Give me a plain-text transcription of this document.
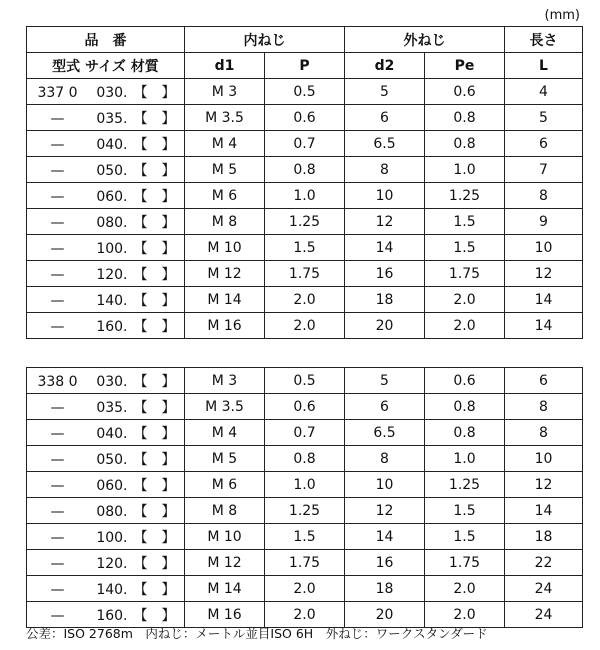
(mm)
品　番	内ねじ		外ねじ		長さ
型式 サイズ 材質	d1	P	d2	Pe	L
337 0 030. 【　】	M 3	0.5	5	0.6	4
— 035. 【　】	M 3.5	0.6	6	0.8	5
— 040. 【　】	M 4	0.7	6.5	0.8	6
— 050. 【　】	M 5	0.8	8	1.0	7
— 060. 【　】	M 6	1.0	10	1.25	8
— 080. 【　】	M 8	1.25	12	1.5	9
— 100. 【　】	M 10	1.5	14	1.5	10
— 120. 【　】	M 12	1.75	16	1.75	12
— 140. 【　】	M 14	2.0	18	2.0	14
— 160. 【　】	M 16	2.0	20	2.0	14
338 0 030. 【　】	M 3	0.5	5	0.6	6
— 035. 【　】	M 3.5	0.6	6	0.8	8
— 040. 【　】	M 4	0.7	6.5	0.8	8
— 050. 【　】	M 5	0.8	8	1.0	10
— 060. 【　】	M 6	1.0	10	1.25	12
— 080. 【　】	M 8	1.25	12	1.5	14
— 100. 【　】	M 10	1.5	14	1.5	18
— 120. 【　】	M 12	1.75	16	1.75	22
— 140. 【　】	M 14	2.0	18	2.0	24
— 160. 【　】	M 16	2.0	20	2.0	24
公差：ISO 2768m　内ねじ：メートル並目ISO 6H　外ねじ：ワークスタンダード
